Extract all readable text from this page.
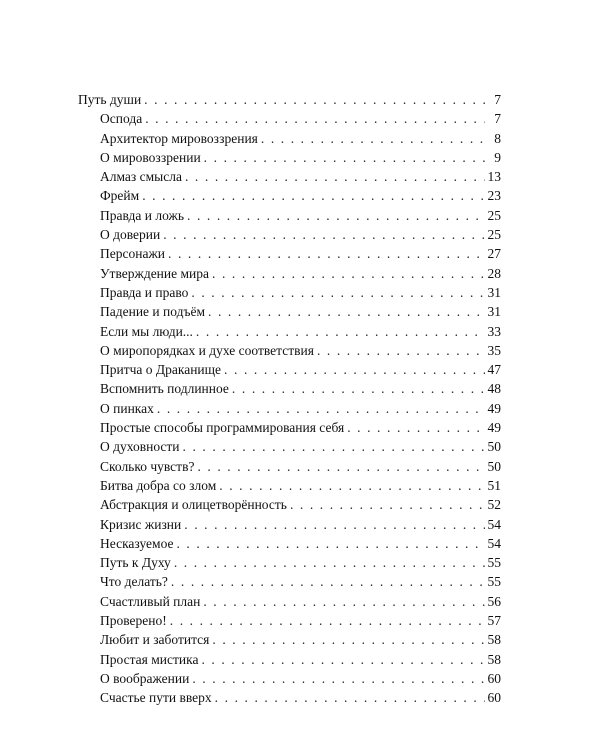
Путь души . . .	7
Осподa . . .	7
Архитектор мировоззрения . . .	8
О мировоззрении . . .	9
Алмаз смысла . . .	13
Фрейм . . .	23
Правда и ложь . . .	25
О доверии . . .	25
Персонажи . . .	27
Утверждение мира . . .	28
Правда и право . . .	31
Падение и подъём . . .	31
Если мы люди... . . .	33
О миропорядках и духе соответствия . . .	35
Притча о Драканище . . .	47
Вспомнить подлинное . . .	48
О пинках . . .	49
Простые способы программирования себя . . .	49
О духовности . . .	50
Сколько чувств? . . .	50
Битва добра со злом . . .	51
Абстракция и олицетворённость . . .	52
Кризис жизни . . .	54
Несказуемое . . .	54
Путь к Духу . . .	55
Что делать? . . .	55
Счастливый план . . .	56
Проверено! . . .	57
Любит и заботится . . .	58
Простая мистика . . .	58
О воображении . . .	60
Счастье пути вверх . . .	60
